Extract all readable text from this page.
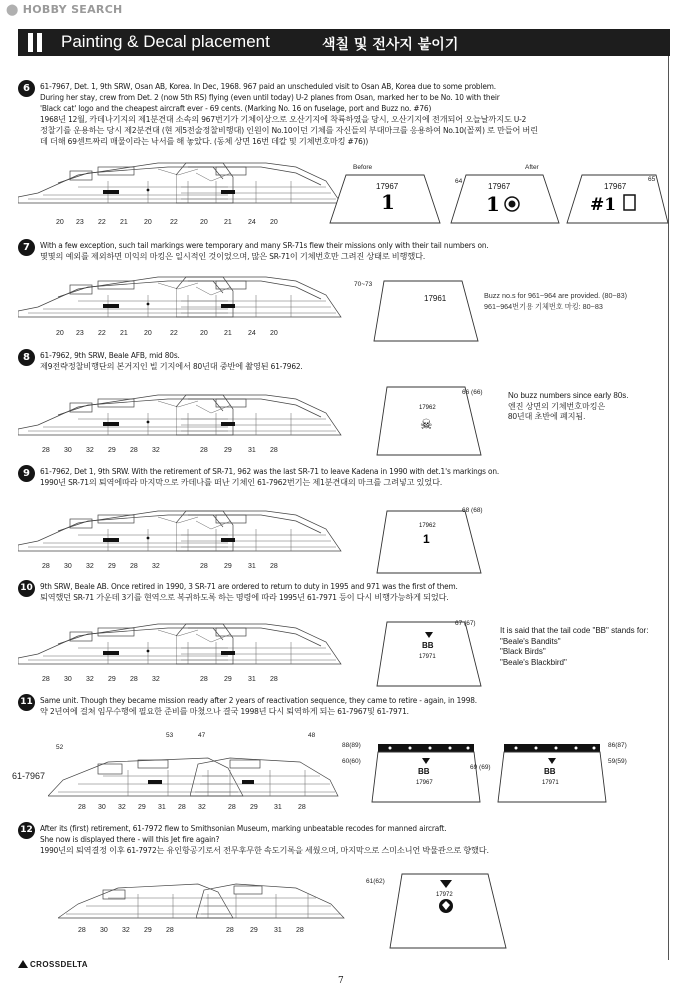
⬤ HOBBY SEARCH
Painting & Decal placement	색칠 및 전사지 붙이기
6	61-7967, Det. 1, 9th SRW, Osan AB, Korea. In Dec, 1968. 967 paid an unscheduled visit to Osan AB, Korea due to some problem.
During her stay, crew from Det. 2 (now 5th RS) flying (even until today) U-2 planes from Osan, marked her to be No. 10 with their
'Black cat' logo and the cheapest aircraft ever - 69 cents. (Marking No. 16 on fuselage, port and Buzz no. #76)
1968년 12월, 카데나기지의 제1분견대 소속의 967번기가 기체이상으로 오산기지에 착륙하였을 당시, 오산기지에 전개되어 오늘날까지도 U-2
정찰기를 운용하는 당시 제2분견대 (현 제5전술정찰비행대) 인원이 No.10이던 기체를 자신들의 부대마크를 응용하여 No.10(꼴찌) 로 만들어 버린
데 더해 69센트짜리 매물이라는 낙서를 해 놓았다. (동체 상면 16번 데칼 및 기체번호마킹 #76))
20 23 22 21 20	22	20 21 24 20
Before	After
17967
1
17967
1
64
17967
#1
65
7	With a few exception, such tail markings were temporary and many SR-71s flew their missions only with their tail numbers on.
몇몇의 예외를 제외하면 미익의 마킹은 일시적인 것이었으며, 많은 SR-71이 기체번호만 그려진 상태로 비행했다.
20 23 22 21 20	22	20 21 24 20
70~73
17961	Buzz no.s for 961~964 are provided. (80~83)
961~964번기용 기체번호 마킹: 80~83
8	61-7962, 9th SRW, Beale AFB, mid 80s.
제9전략정찰비행단의 본거지인 빌 기지에서 80년대 중반에 촬영된 61-7962.
28 30 32 29 28 32	28 29 31 28
17962
☠
66 (66)	No buzz numbers since early 80s.
엔진 상면의 기체번호마킹은
80년대 초반에 폐지됨.
9	61-7962, Det 1, 9th SRW. With the retirement of SR-71, 962 was the last SR-71 to leave Kadena in 1990 with det.1's markings on.
1990년 SR-71의 퇴역에따라 마지막으로 카데나를 떠난 기체인 61-7962번기는 제1분견대의 마크를 그려넣고 있었다.
28 30 32 29 28 32	28 29 31 28
17962
1
68 (68)
10 9th SRW, Beale AB. Once retired in 1990, 3 SR-71 are ordered to return to duty in 1995 and 971 was the first of them.
퇴역했던 SR-71 가운데 3기를 현역으로 복귀하도록 하는 명령에 따라 1995년 61-7971 등이 다시 비행가능하게 되었다.
28 30 32 29 28 32	28 29 31 28
BB
17971
67 (67)
It is said that the tail code "BB" stands for:
"Beale's Bandits"
"Black Birds"
"Beale's Blackbird"
11 Same unit. Though they became mission ready after 2 years of reactivation sequence, they came to retire - again, in 1998.
약 2년여에 걸쳐 임무수행에 필요한 준비를 마쳤으나 결국 1998년 다시 퇴역하게 되는 61-7967및 61-7971.
61-7967
52
53	47	48
28 30 32 29 31 28 32	28 29 31 28
BB
17967
88(89)
60(60)
69 (69)	BB
17971
86(87)
59(59)
12 After its (first) retirement, 61-7972 flew to Smithsonian Museum, marking unbeatable recodes for manned aircraft.
She now is displayed there - will this Jet fire again?
1990년의 퇴역결정 이후 61-7972는 유인항공기로서 전무후무한 속도기록을 세웠으며, 마지막으로 스미소니언 박물관으로 향했다.
28 30 32 29 28	28 29 31 28
61(62)
17972
CROSSDELTA
7
